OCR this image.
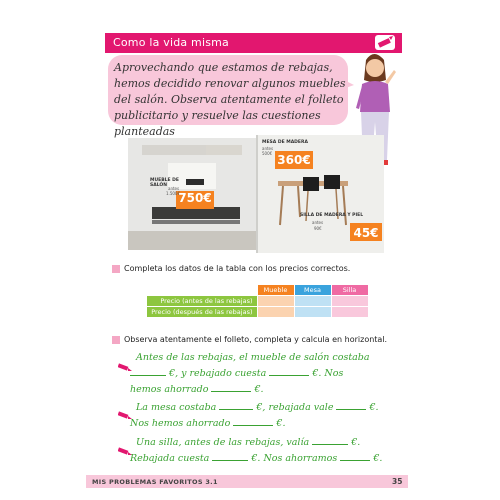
Como la vida misma
Aprovechando que estamos de rebajas, hemos decidido renovar algunos muebles del salón. Observa atentamente el folleto publicitario y resuelve las cuestiones planteadas
MUEBLE DE SALÓN
antes
1.500€
750€
MESA DE MADERA
antes
500€ 360€
SILLA DE MADERA Y PIEL
antes
90€	45€
Completa los datos de la tabla con los precios correctos.
	Mueble	Mesa	Silla
Precio (antes de las rebajas)			
Precio (después de las rebajas)			
Observa atentamente el folleto, completa y calcula en horizontal.
Antes de las rebajas, el mueble de salón costaba
€, y rebajado cuesta	€. Nos
hemos ahorrado	€.
La mesa costaba	€, rebajada vale	€.
Nos hemos ahorrado	€.
Una silla, antes de las rebajas, valía	€.
Rebajada cuesta	€. Nos ahorramos	€.
MIS PROBLEMAS FAVORITOS 3.1	35
